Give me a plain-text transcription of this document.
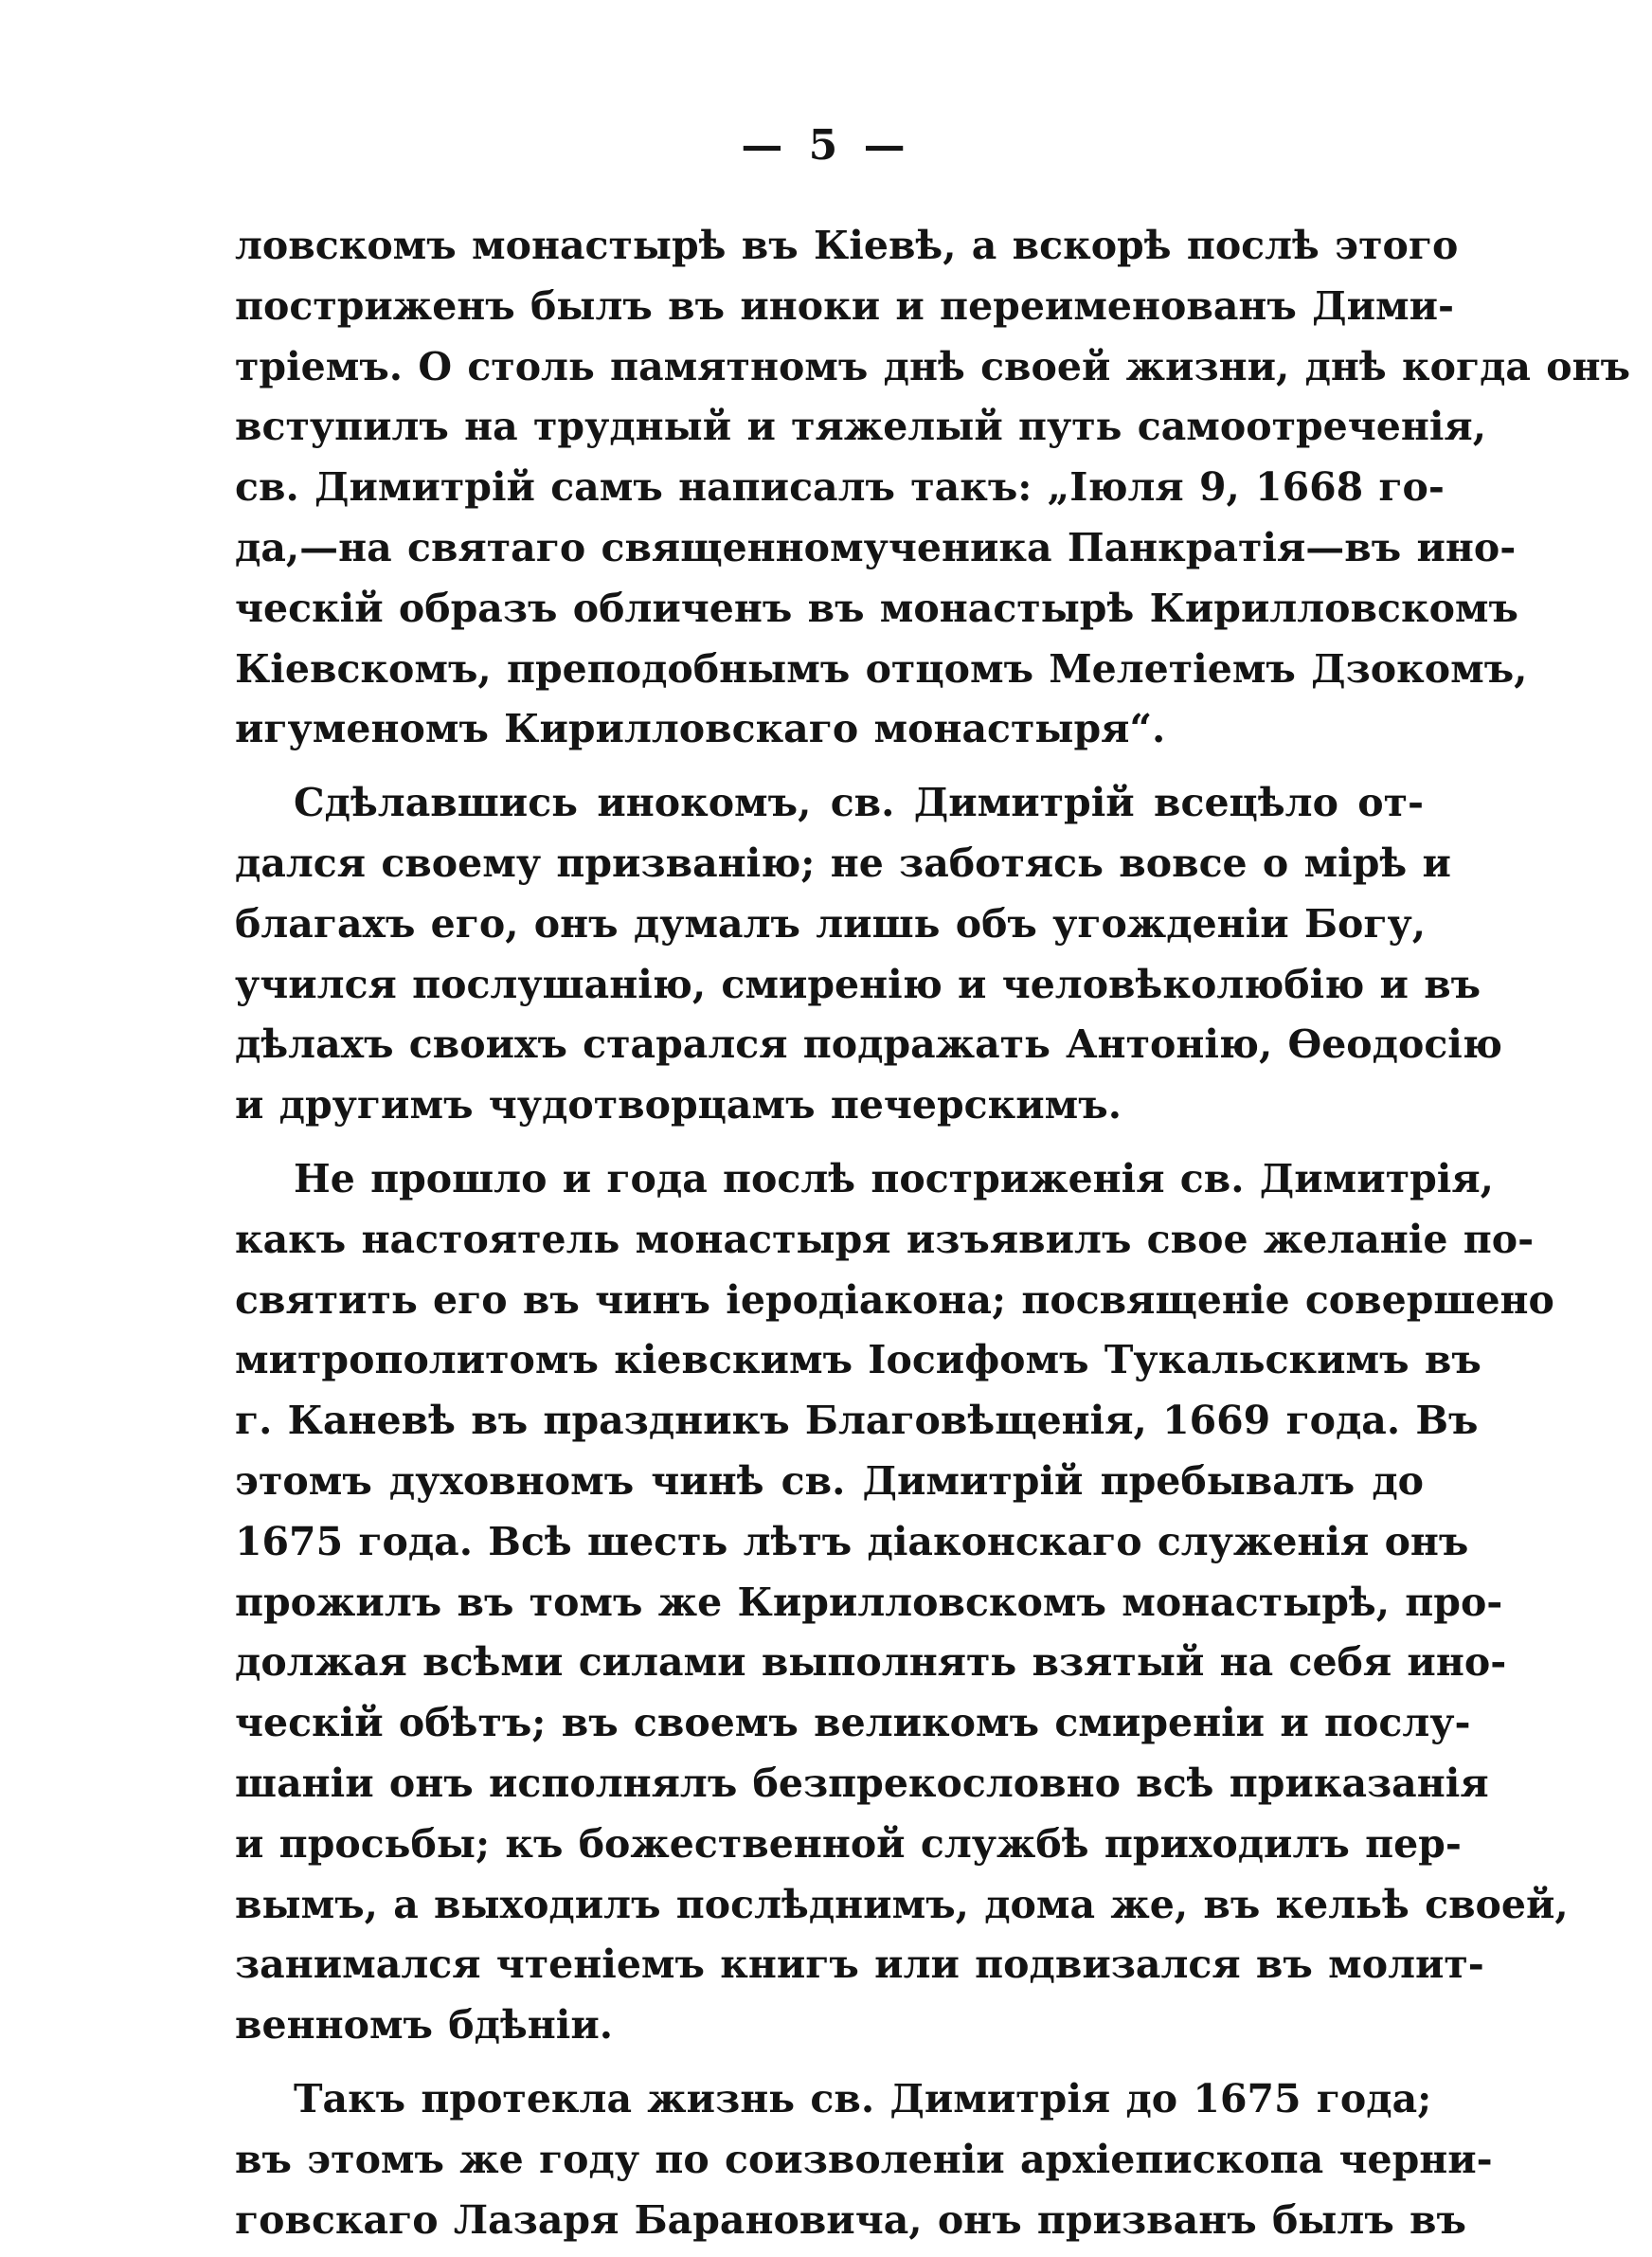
— 5 —
ловскомъ монастырѣ въ Кіевѣ, а вскорѣ послѣ этого
постриженъ былъ въ иноки и переименованъ Дими-
тріемъ. О столь памятномъ днѣ своей жизни, днѣ когда онъ
вступилъ на трудный и тяжелый путь самоотреченія,
св. Димитрій самъ написалъ такъ: „Іюля 9, 1668 го-
да,—на святаго священномученика Панкратія—въ ино-
ческій образъ обличенъ въ монастырѣ Кирилловскомъ
Кіевскомъ, преподобнымъ отцомъ Мелетіемъ Дзокомъ,
игуменомъ Кирилловскаго монастыря“.
Сдѣлавшись инокомъ, св. Димитрій всецѣло от-
дался своему призванію; не заботясь вовсе о мірѣ и
благахъ его, онъ думалъ лишь объ угожденіи Богу,
учился послушанію, смиренію и человѣколюбію и въ
дѣлахъ своихъ старался подражать Антонію, Ѳеодосію
и другимъ чудотворцамъ печерскимъ.
Не прошло и года послѣ постриженія св. Димитрія,
какъ настоятель монастыря изъявилъ свое желаніе по-
святить его въ чинъ іеродіакона; посвященіе совершено
митрополитомъ кіевскимъ Іосифомъ Тукальскимъ въ
г. Каневѣ въ праздникъ Благовѣщенія, 1669 года. Въ
этомъ духовномъ чинѣ св. Димитрій пребывалъ до
1675 года. Всѣ шесть лѣтъ діаконскаго служенія онъ
прожилъ въ томъ же Кирилловскомъ монастырѣ, про-
должая всѣми силами выполнять взятый на себя ино-
ческій обѣтъ; въ своемъ великомъ смиреніи и послу-
шаніи онъ исполнялъ безпрекословно всѣ приказанія
и просьбы; къ божественной службѣ приходилъ пер-
вымъ, а выходилъ послѣднимъ, дома же, въ кельѣ своей,
занимался чтеніемъ книгъ или подвизался въ молит-
венномъ бдѣніи.
Такъ протекла жизнь св. Димитрія до 1675 года;
въ этомъ же году по соизволеніи архіепископа черни-
говскаго Лазаря Барановича, онъ призванъ былъ въ
